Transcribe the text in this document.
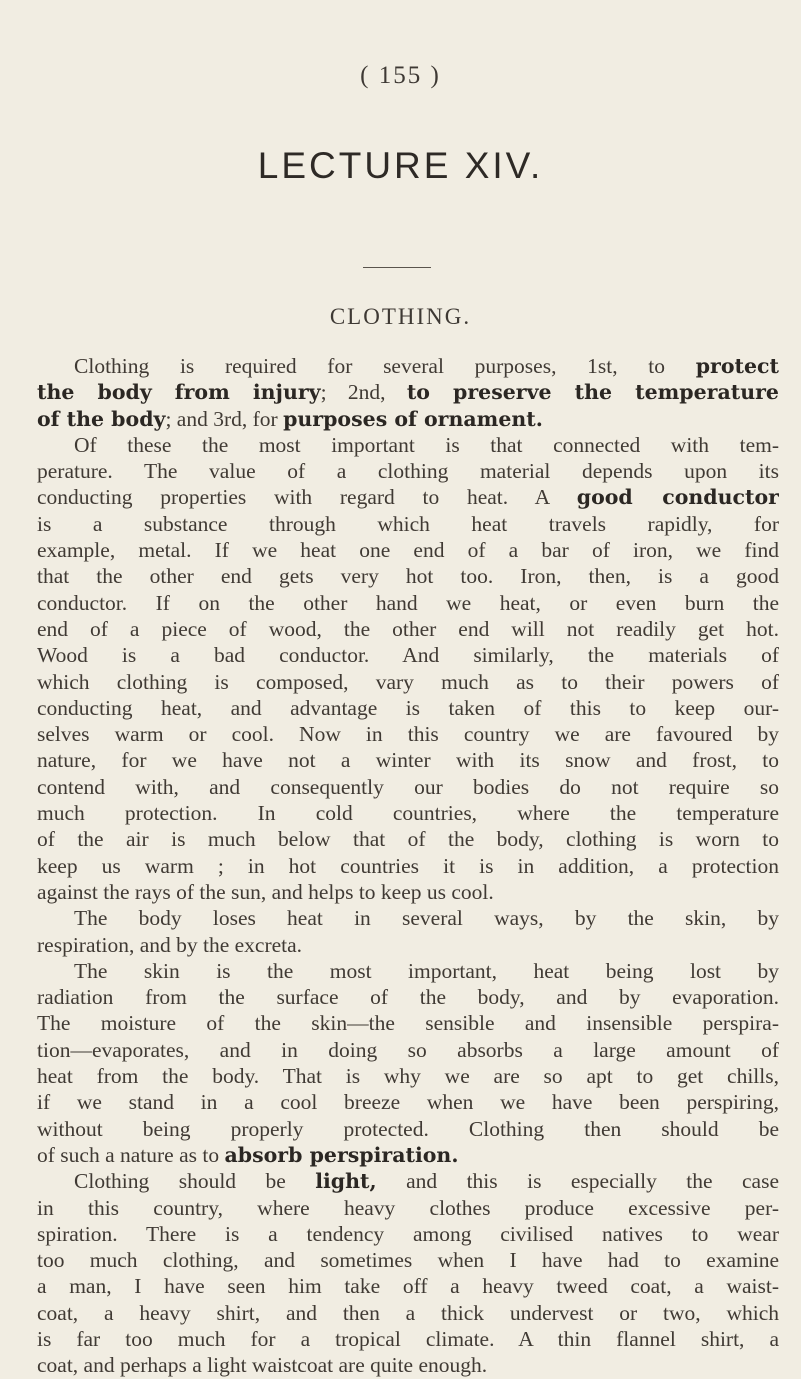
( 155 )
LECTURE XIV.
CLOTHING.
Clothing is required for several purposes, 1st, to protect
the body from injury; 2nd, to preserve the temperature
of the body; and 3rd, for purposes of ornament.
Of these the most important is that connected with tem-
perature. The value of a clothing material depends upon its
conducting properties with regard to heat. A good conductor
is a substance through which heat travels rapidly, for
example, metal. If we heat one end of a bar of iron, we find
that the other end gets very hot too. Iron, then, is a good
conductor. If on the other hand we heat, or even burn the
end of a piece of wood, the other end will not readily get hot.
Wood is a bad conductor. And similarly, the materials of
which clothing is composed, vary much as to their powers of
conducting heat, and advantage is taken of this to keep our-
selves warm or cool. Now in this country we are favoured by
nature, for we have not a winter with its snow and frost, to
contend with, and consequently our bodies do not require so
much protection. In cold countries, where the temperature
of the air is much below that of the body, clothing is worn to
keep us warm ; in hot countries it is in addition, a protection
against the rays of the sun, and helps to keep us cool.
The body loses heat in several ways, by the skin, by
respiration, and by the excreta.
The skin is the most important, heat being lost by
radiation from the surface of the body, and by evaporation.
The moisture of the skin—the sensible and insensible perspira-
tion—evaporates, and in doing so absorbs a large amount of
heat from the body. That is why we are so apt to get chills,
if we stand in a cool breeze when we have been perspiring,
without being properly protected. Clothing then should be
of such a nature as to absorb perspiration.
Clothing should be light, and this is especially the case
in this country, where heavy clothes produce excessive per-
spiration. There is a tendency among civilised natives to wear
too much clothing, and sometimes when I have had to examine
a man, I have seen him take off a heavy tweed coat, a waist-
coat, a heavy shirt, and then a thick undervest or two, which
is far too much for a tropical climate. A thin flannel shirt, a
coat, and perhaps a light waistcoat are quite enough.
